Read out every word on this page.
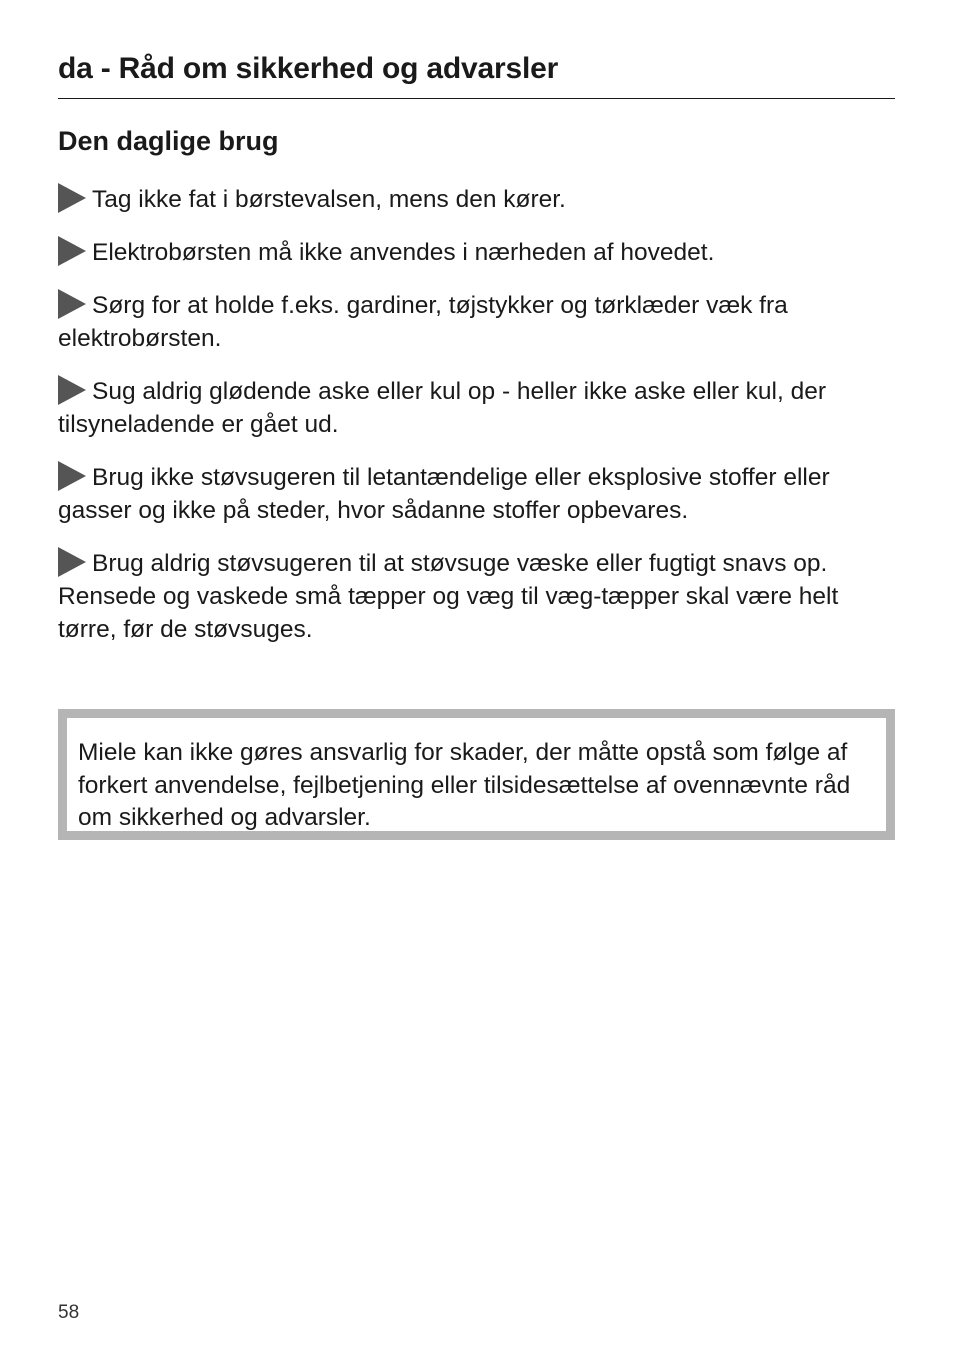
da - Råd om sikkerhed og advarsler
Den daglige brug

Tag ikke fat i børstevalsen, mens den kører.

Elektrobørsten må ikke anvendes i nærheden af hovedet.

Sørg for at holde f.eks. gardiner, tøjstykker og tørklæder væk fra elektrobørsten.

Sug aldrig glødende aske eller kul op - heller ikke aske eller kul, der tilsyneladende er gået ud.

Brug ikke støvsugeren til letantændelige eller eksplosive stoffer eller gasser og ikke på steder, hvor sådanne stoffer opbevares.

Brug aldrig støvsugeren til at støvsuge væske eller fugtigt snavs op. Rensede og vaskede små tæpper og væg til væg-tæpper skal være helt tørre, før de støvsuges.

Miele kan ikke gøres ansvarlig for skader, der måtte opstå som følge af forkert anvendelse, fejlbetjening eller tilsidesættelse af ovennævnte råd om sikkerhed og advarsler.
58
